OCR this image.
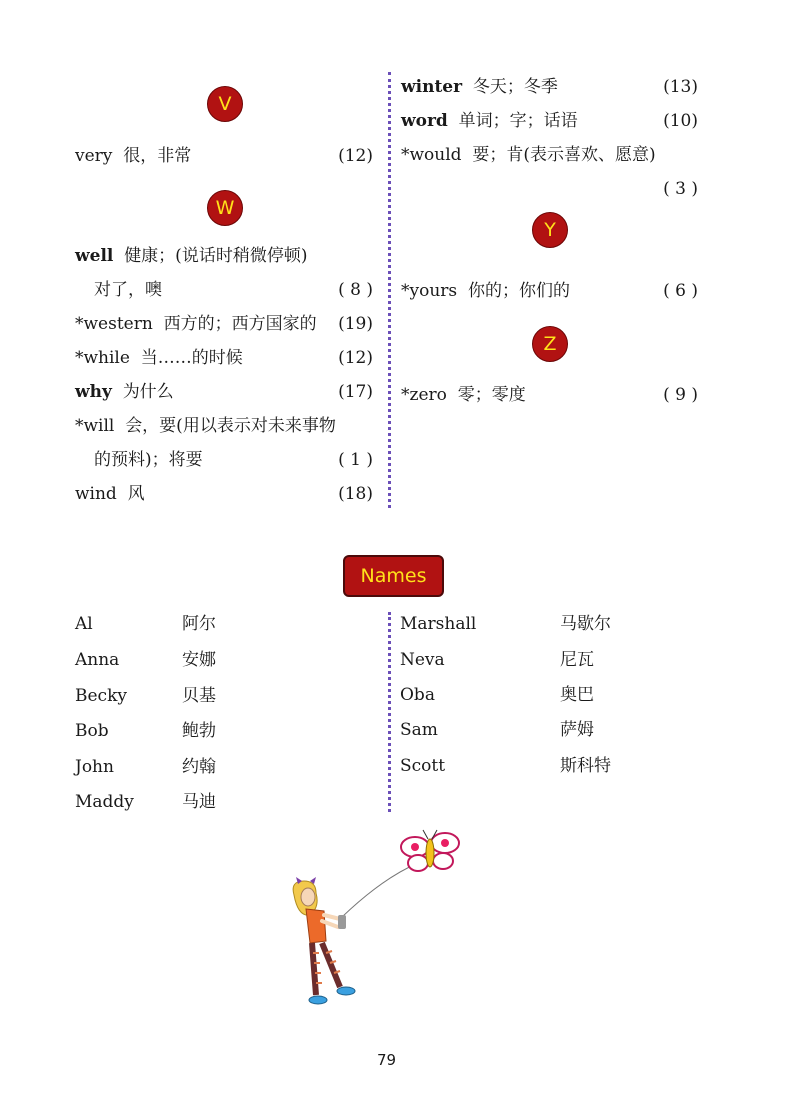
V
very 很，非常	(12)
W
well 健康；(说话时稍微停顿)
对了，噢	( 8 )
*western 西方的；西方国家的	(19)
*while 当……的时候	(12)
why 为什么	(17)
*will 会，要(用以表示对未来事物
的预料)；将要	( 1 )
wind 风	(18)
winter 冬天；冬季	(13)
word 单词；字；话语	(10)
*would 要；肯(表示喜欢、愿意)
( 3 )
Y
*yours 你的；你们的	( 6 )
Z
*zero 零；零度	( 9 )
Names
Al	阿尔
Anna	安娜
Becky	贝基
Bob	鲍勃
John	约翰
Maddy	马迪
Marshall	马歇尔
Neva	尼瓦
Oba	奥巴
Sam	萨姆
Scott	斯科特
79
